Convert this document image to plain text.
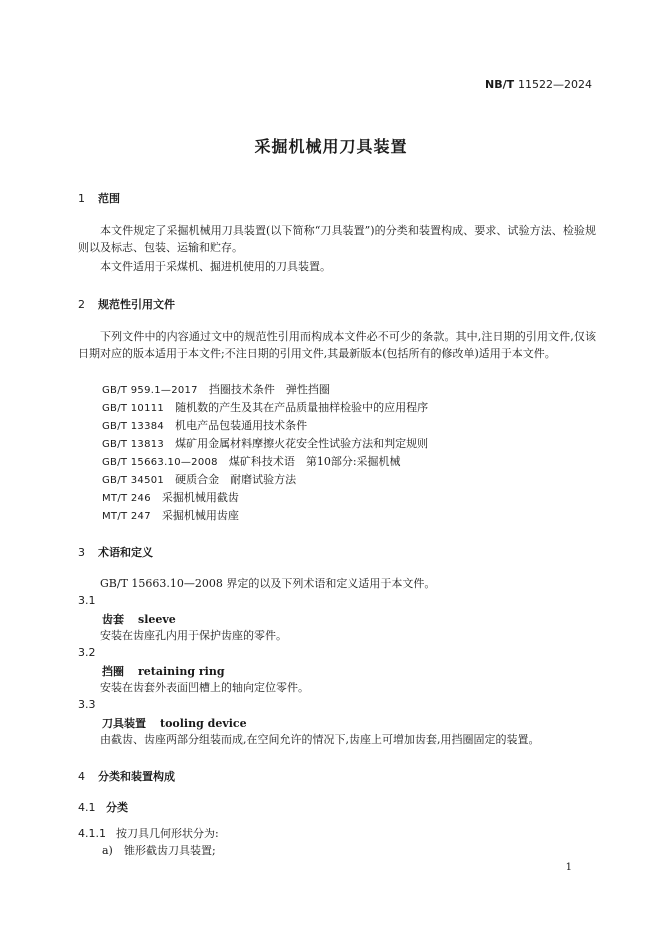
NB/T 11522—2024
采掘机械用刀具装置
1 范围
本文件规定了采掘机械用刀具装置(以下简称“刀具装置”)的分类和装置构成、要求、试验方法、检验规则以及标志、包装、运输和贮存。
本文件适用于采煤机、掘进机使用的刀具装置。
2 规范性引用文件
下列文件中的内容通过文中的规范性引用而构成本文件必不可少的条款。其中,注日期的引用文件,仅该日期对应的版本适用于本文件;不注日期的引用文件,其最新版本(包括所有的修改单)适用于本文件。
GB/T 959.1—2017　 挡圈技术条件　弹性挡圈
GB/T 10111　 随机数的产生及其在产品质量抽样检验中的应用程序
GB/T 13384　 机电产品包装通用技术条件
GB/T 13813　 煤矿用金属材料摩擦火花安全性试验方法和判定规则
GB/T 15663.10—2008　 煤矿科技术语　第10部分:采掘机械
GB/T 34501　 硬质合金　耐磨试验方法
MT/T 246　 采掘机械用截齿
MT/T 247　 采掘机械用齿座
3 术语和定义
GB/T 15663.10—2008 界定的以及下列术语和定义适用于本文件。
3.1
齿套 sleeve
安装在齿座孔内用于保护齿座的零件。
3.2
挡圈 retaining ring
安装在齿套外表面凹槽上的轴向定位零件。
3.3
刀具装置 tooling device
由截齿、齿座两部分组装而成,在空间允许的情况下,齿座上可增加齿套,用挡圈固定的装置。
4 分类和装置构成
4.1 分类
4.1.1 按刀具几何形状分为:
a) 锥形截齿刀具装置;
1
